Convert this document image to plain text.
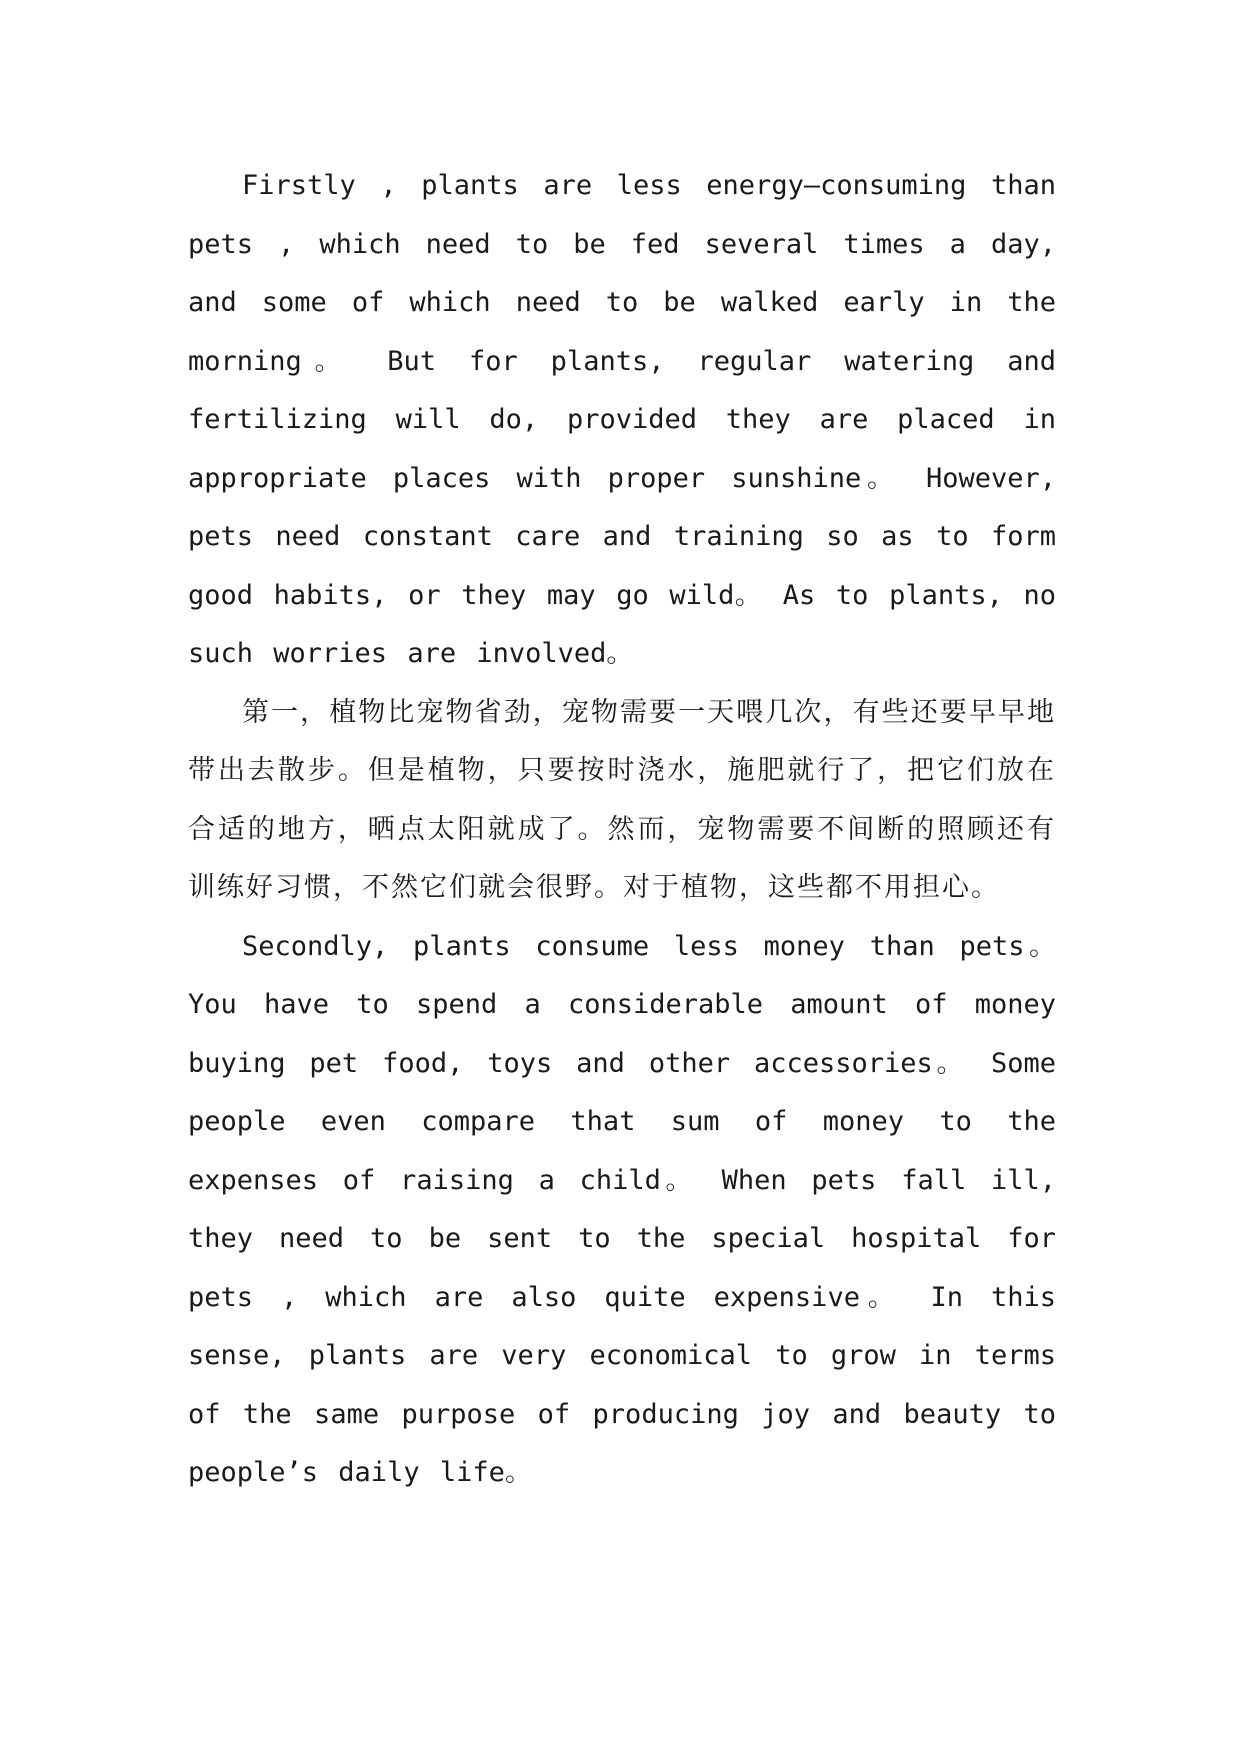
Firstly , plants are less energy—consuming than pets , which need to be fed several times a day, and some of which need to be walked early in the morning。 But for plants, regular watering and fertilizing will do, provided they are placed in appropriate places with proper sunshine。 However, pets need constant care and training so as to form good habits, or they may go wild。 As to plants, no such worries are involved。

第一，植物比宠物省劲，宠物需要一天喂几次，有些还要早早地带出去散步。但是植物，只要按时浇水，施肥就行了，把它们放在合适的地方，晒点太阳就成了。然而，宠物需要不间断的照顾还有训练好习惯，不然它们就会很野。对于植物，这些都不用担心。

Secondly, plants consume less money than pets。 You have to spend a considerable amount of money buying pet food, toys and other accessories。 Some people even compare that sum of money to the expenses of raising a child。 When pets fall ill, they need to be sent to the special hospital for pets , which are also quite expensive。 In this sense, plants are very economical to grow in terms of the same purpose of producing joy and beauty to people’s daily life。
